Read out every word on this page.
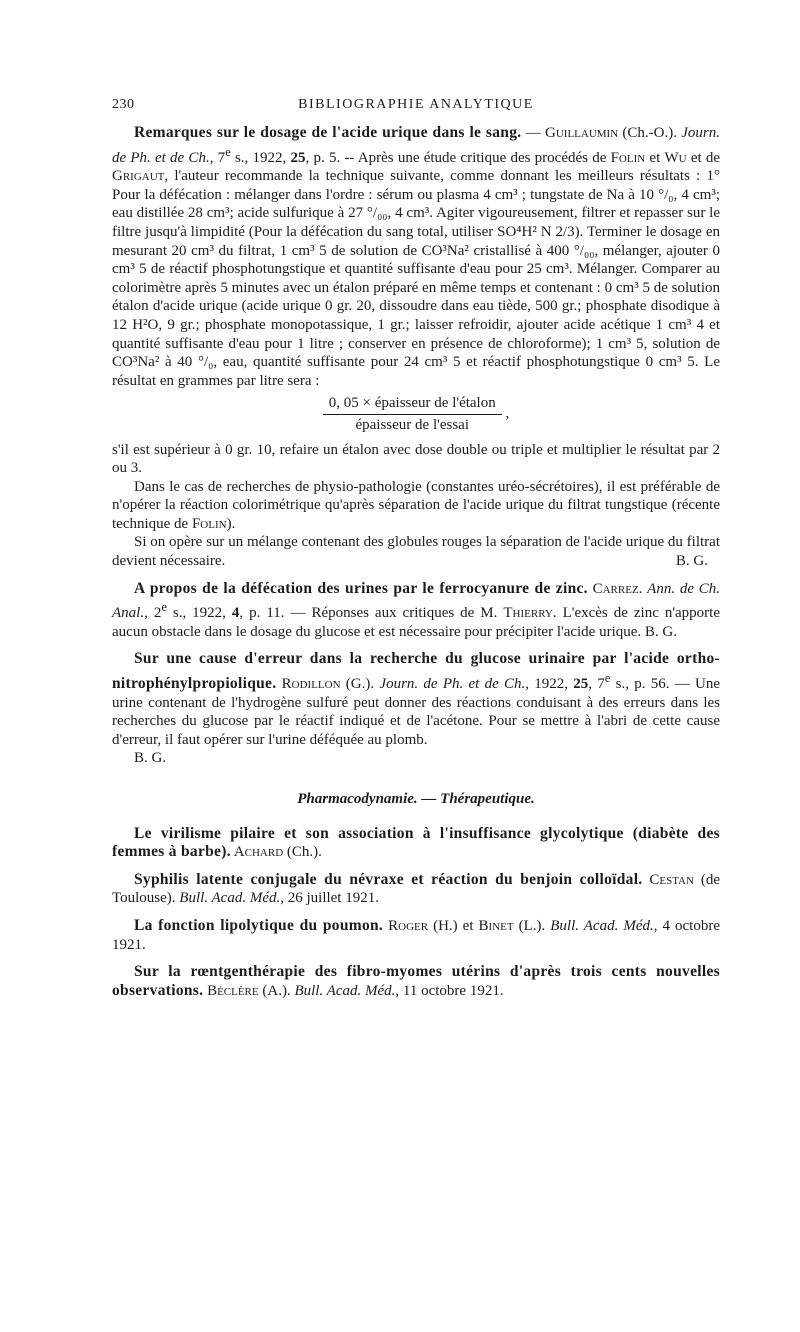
230	BIBLIOGRAPHIE ANALYTIQUE

Remarques sur le dosage de l'acide urique dans le sang. — Guillaumin (Ch.-O.). Journ. de Ph. et de Ch., 7e s., 1922, 25, p. 5. -- Après une étude critique des procédés de Folin et Wu et de Grigaut, l'auteur recommande la technique suivante, comme donnant les meilleurs résultats : 1° Pour la défécation : mélanger dans l'ordre : sérum ou plasma 4 cm³ ; tungstate de Na à 10 °/₀, 4 cm³; eau distillée 28 cm³; acide sulfurique à 27 °/₀₀, 4 cm³. Agiter vigoureusement, filtrer et repasser sur le filtre jusqu'à limpidité (Pour la défécation du sang total, utiliser SO⁴H² N 2/3). Terminer le dosage en mesurant 20 cm³ du filtrat, 1 cm³ 5 de solution de CO³Na² cristallisé à 400 °/₀₀, mélanger, ajouter 0 cm³ 5 de réactif phosphotungstique et quantité suffisante d'eau pour 25 cm³. Mélanger. Comparer au colorimètre après 5 minutes avec un étalon préparé en même temps et contenant : 0 cm³ 5 de solution étalon d'acide urique (acide urique 0 gr. 20, dissoudre dans eau tiède, 500 gr.; phosphate disodique à 12 H²O, 9 gr.; phosphate monopotassique, 1 gr.; laisser refroidir, ajouter acide acétique 1 cm³ 4 et quantité suffisante d'eau pour 1 litre ; conserver en présence de chloroforme); 1 cm³ 5, solution de CO³Na² à 40 °/₀, eau, quantité suffisante pour 24 cm³ 5 et réactif phosphotungstique 0 cm³ 5. Le résultat en grammes par litre sera :

$\frac{\text{0, 05 × épaisseur de l'étalon}}{\text{épaisseur de l'essai}}$ ,

s'il est supérieur à 0 gr. 10, refaire un étalon avec dose double ou triple et multiplier le résultat par 2 ou 3.

Dans le cas de recherches de physio-pathologie (constantes uréo-sécrétoires), il est préférable de n'opérer la réaction colorimétrique qu'après séparation de l'acide urique du filtrat tungstique (récente technique de Folin).

Si on opère sur un mélange contenant des globules rouges la séparation de l'acide urique du filtrat devient nécessaire.	B. G.

A propos de la défécation des urines par le ferrocyanure de zinc. Carrez. Ann. de Ch. Anal., 2e s., 1922, 4, p. 11. — Réponses aux critiques de M. Thierry. L'excès de zinc n'apporte aucun obstacle dans le dosage du glucose et est nécessaire pour précipiter l'acide urique. B. G.

Sur une cause d'erreur dans la recherche du glucose urinaire par l'acide ortho-nitrophénylpropiolique. Rodillon (G.). Journ. de Ph. et de Ch., 1922, 25, 7e s., p. 56. — Une urine contenant de l'hydrogène sulfuré peut donner des réactions conduisant à des erreurs dans les recherches du glucose par le réactif indiqué et de l'acétone. Pour se mettre à l'abri de cette cause d'erreur, il faut opérer sur l'urine déféquée au plomb.

B. G.

Pharmacodynamie. — Thérapeutique.

Le virilisme pilaire et son association à l'insuffisance glycolytique (diabète des femmes à barbe). Achard (Ch.).

Syphilis latente conjugale du névraxe et réaction du benjoin colloïdal. Cestan (de Toulouse). Bull. Acad. Méd., 26 juillet 1921.

La fonction lipolytique du poumon. Roger (H.) et Binet (L.). Bull. Acad. Méd., 4 octobre 1921.

Sur la rœntgenthérapie des fibro-myomes utérins d'après trois cents nouvelles observations. Béclère (A.). Bull. Acad. Méd., 11 octobre 1921.
